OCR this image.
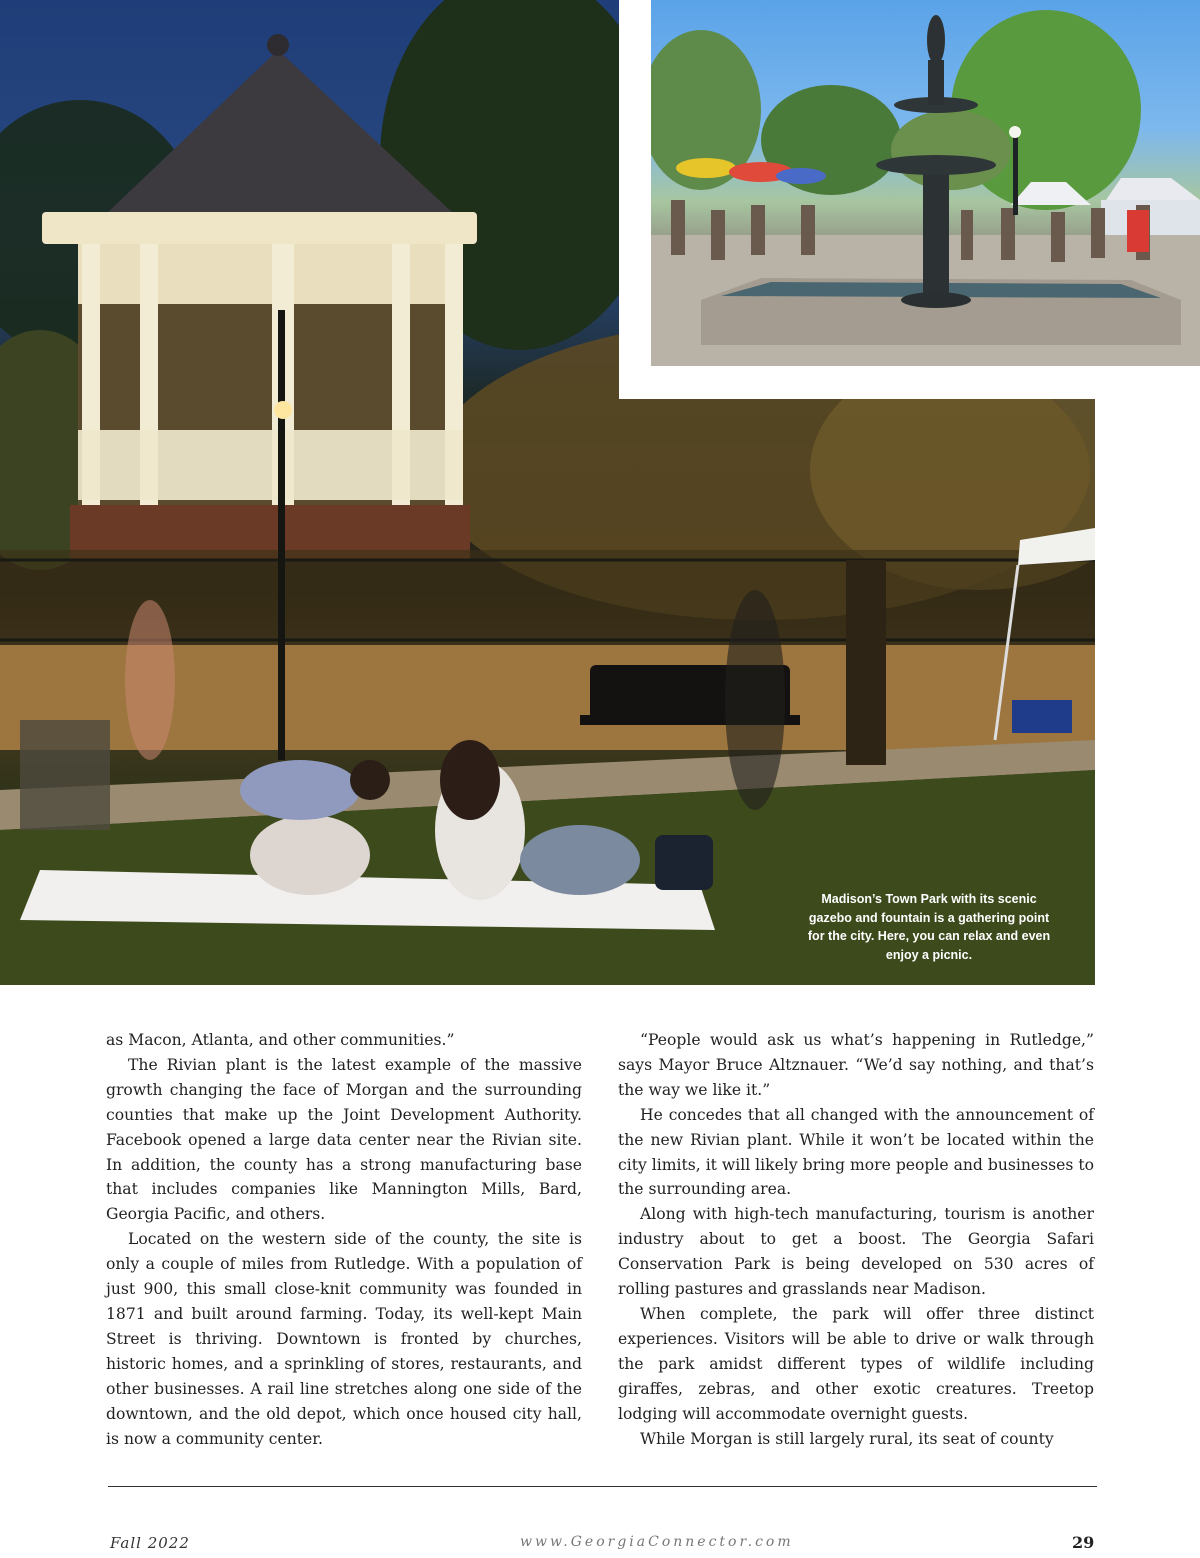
Madison’s Town Park with its scenic gazebo and fountain is a gathering point for the city. Here, you can relax and even enjoy a picnic.

as Macon, Atlanta, and other communities.”

The Rivian plant is the latest example of the massive growth changing the face of Morgan and the surrounding counties that make up the Joint Development Authority. Facebook opened a large data center near the Rivian site. In addition, the county has a strong manufacturing base that includes companies like Mannington Mills, Bard, Georgia Pacific, and others.

Located on the western side of the county, the site is only a couple of miles from Rutledge. With a population of just 900, this small close-knit community was founded in 1871 and built around farming. Today, its well-kept Main Street is thriving. Downtown is fronted by churches, historic homes, and a sprinkling of stores, restaurants, and other businesses. A rail line stretches along one side of the downtown, and the old depot, which once housed city hall, is now a community center.

“People would ask us what’s happening in Rutledge,” says Mayor Bruce Altznauer. “We’d say nothing, and that’s the way we like it.”

He concedes that all changed with the announcement of the new Rivian plant. While it won’t be located within the city limits, it will likely bring more people and businesses to the surrounding area.

Along with high-tech manufacturing, tourism is another industry about to get a boost. The Georgia Safari Conservation Park is being developed on 530 acres of rolling pastures and grasslands near Madison.

When complete, the park will offer three distinct experiences. Visitors will be able to drive or walk through the park amidst different types of wildlife including giraffes, zebras, and other exotic creatures. Treetop lodging will accommodate overnight guests.

While Morgan is still largely rural, its seat of county

Fall 2022	www.GeorgiaConnector.com	29
